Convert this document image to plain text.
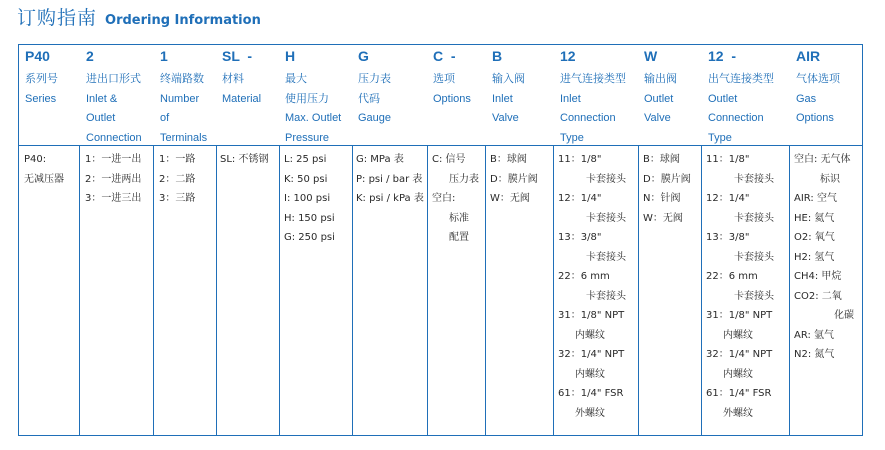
订购指南 Ordering Information
P40
系列号
Series
P40:
无减压器
2
进出口形式
Inlet &
Outlet
Connection
1：一进一出
2：一进两出
3：一进三出
1
终端路数
Number
of
Terminals
1：一路
2：二路
3：三路
SL  -
材料
Material
SL: 不锈钢
H
最大
使用压力
Max. Outlet
Pressure
L: 25 psi
K: 50 psi
I: 100 psi
H: 150 psi
G: 250 psi
G
压力表
代码
Gauge
G: MPa 表
P: psi / bar 表
K: psi / kPa 表
C  -
选项
Options
C: 信号
压力表
空白:
标准
配置
B
输入阀
Inlet
Valve
B：球阀
D：膜片阀
W：无阀
12
进气连接类型
Inlet
Connection
Type
11：1/8"
卡套接头
12：1/4"
卡套接头
13：3/8"
卡套接头
22：6 mm
卡套接头
31：1/8" NPT
内螺纹
32：1/4" NPT
内螺纹
61：1/4" FSR
外螺纹
W
输出阀
Outlet
Valve
B：球阀
D：膜片阀
N：针阀
W：无阀
12  -
出气连接类型
Outlet
Connection
Type
11：1/8"
卡套接头
12：1/4"
卡套接头
13：3/8"
卡套接头
22：6 mm
卡套接头
31：1/8" NPT
内螺纹
32：1/4" NPT
内螺纹
61：1/4" FSR
外螺纹
AIR
气体选项
Gas
Options
空白: 无气体
标识
AIR: 空气
HE: 氦气
O2: 氧气
H2: 氢气
CH4: 甲烷
CO2: 二氧
化碳
AR: 氩气
N2: 氮气
